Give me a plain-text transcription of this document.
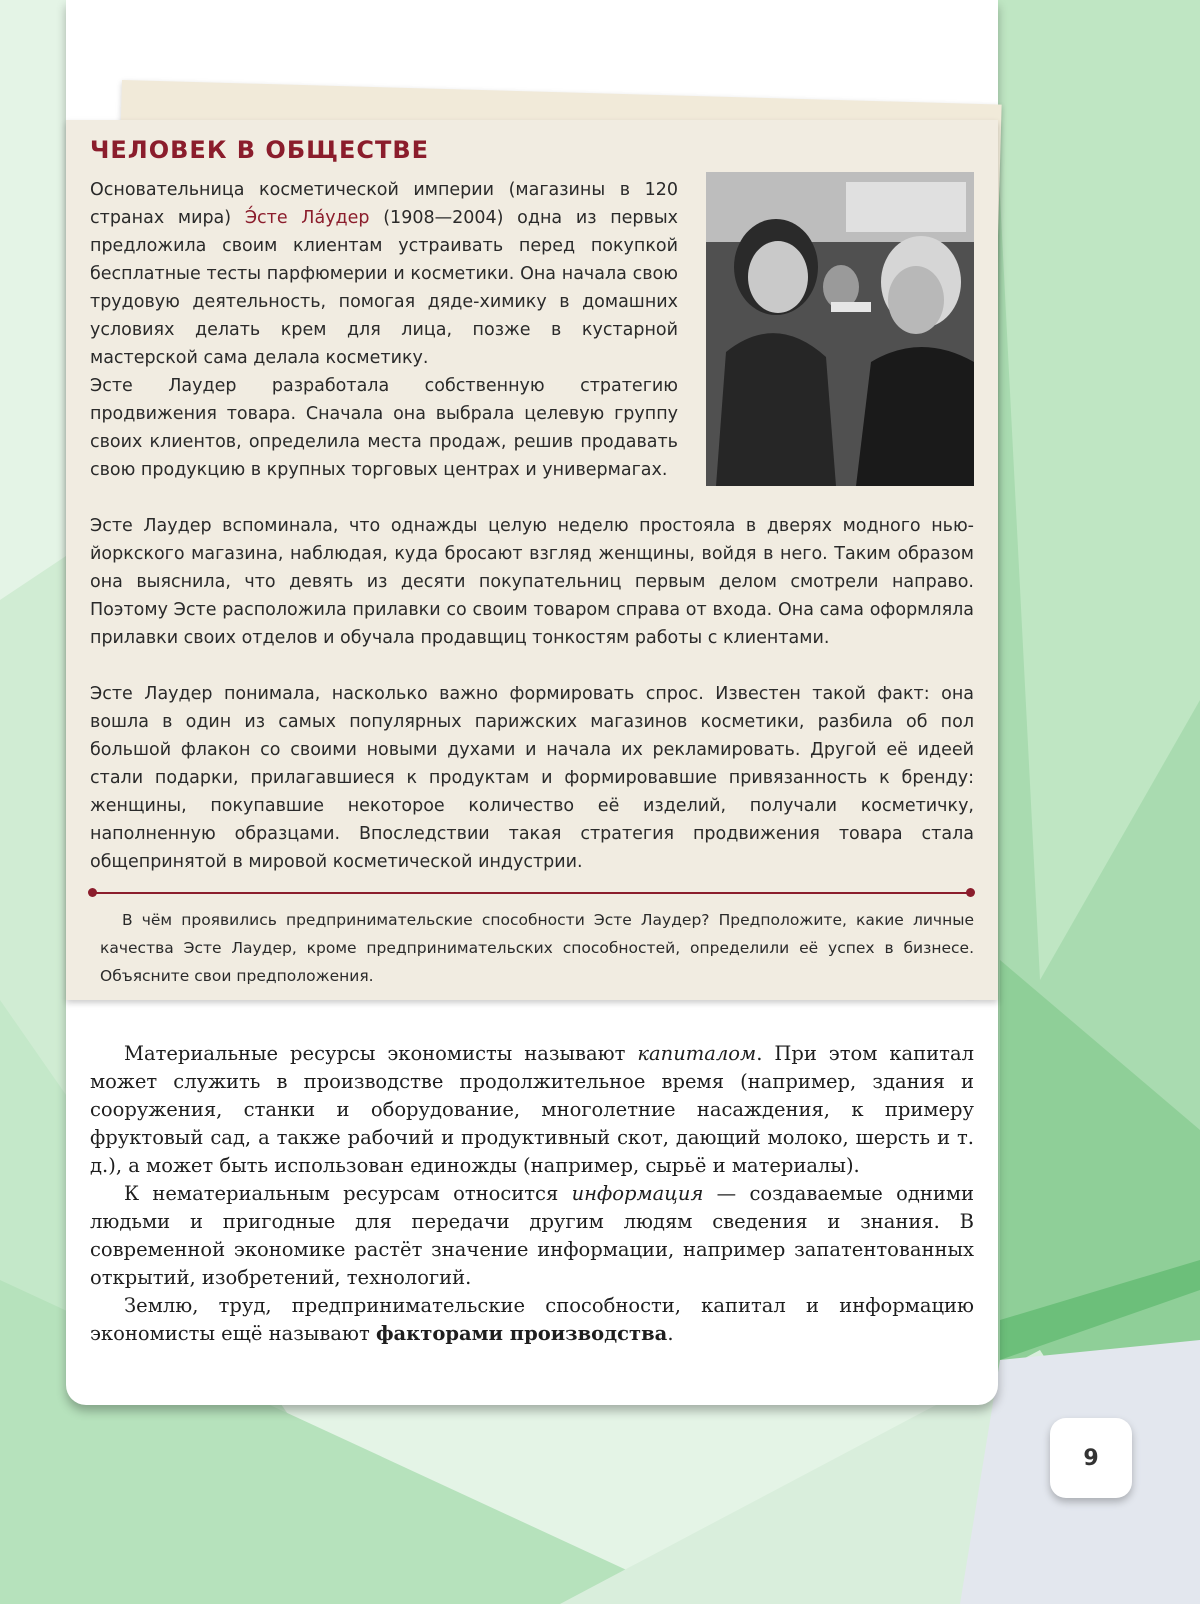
ЧЕЛОВЕК В ОБЩЕСТВЕ

Основательница косметической империи (магазины в 120 странах мира) Э́сте Ла́удер (1908—2004) одна из первых предложила своим клиентам устраивать перед покупкой бесплатные тесты парфюмерии и косметики. Она начала свою трудовую деятельность, помогая дяде-химику в домашних условиях делать крем для лица, позже в кустарной мастерской сама делала косметику.

Эсте Лаудер разработала собственную стратегию продвижения товара. Сначала она выбрала целевую группу своих клиентов, определила места продаж, решив продавать свою продукцию в крупных торговых центрах и универмагах.

Эсте Лаудер вспоминала, что однажды целую неделю простояла в дверях модного нью-йоркского магазина, наблюдая, куда бросают взгляд женщины, войдя в него. Таким образом она выяснила, что девять из десяти покупательниц первым делом смотрели направо. Поэтому Эсте расположила прилавки со своим товаром справа от входа. Она сама оформляла прилавки своих отделов и обучала продавщиц тонкостям работы с клиентами.

Эсте Лаудер понимала, насколько важно формировать спрос. Известен такой факт: она вошла в один из самых популярных парижских магазинов косметики, разбила об пол большой флакон со своими новыми духами и начала их рекламировать. Другой её идеей стали подарки, прилагавшиеся к продуктам и формировавшие привязанность к бренду: женщины, покупавшие некоторое количество её изделий, получали косметичку, наполненную образцами. Впоследствии такая стратегия продвижения товара стала общепринятой в мировой косметической индустрии.

В чём проявились предпринимательские способности Эсте Лаудер? Предположите, какие личные качества Эсте Лаудер, кроме предпринимательских способностей, определили её успех в бизнесе. Объясните свои предположения.

Материальные ресурсы экономисты называют капиталом. При этом капитал может служить в производстве продолжительное время (например, здания и сооружения, станки и оборудование, многолетние насаждения, к примеру фруктовый сад, а также рабочий и продуктивный скот, дающий молоко, шерсть и т. д.), а может быть использован единожды (например, сырьё и материалы).

К нематериальным ресурсам относится информация — создаваемые одними людьми и пригодные для передачи другим людям сведения и знания. В современной экономике растёт значение информации, например запатентованных открытий, изобретений, технологий.

Землю, труд, предпринимательские способности, капитал и информацию экономисты ещё называют факторами производства.

9
